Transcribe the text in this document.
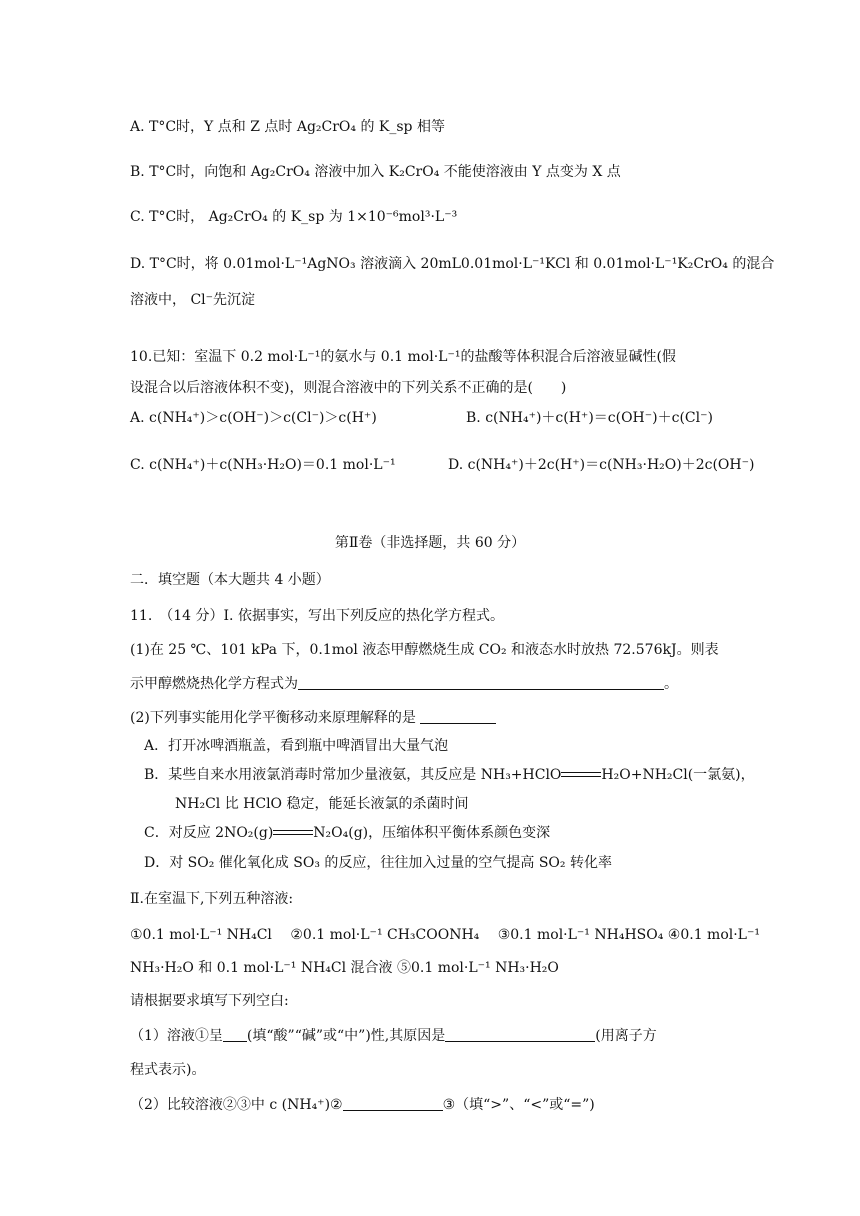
A. T°C时，Y 点和 Z 点时 Ag₂CrO₄ 的 K_sp 相等
B. T°C时，向饱和 Ag₂CrO₄ 溶液中加入 K₂CrO₄ 不能使溶液由 Y 点变为 X 点
C. T°C时， Ag₂CrO₄ 的 K_sp 为 1×10⁻⁶mol³·L⁻³
D. T°C时，将 0.01mol·L⁻¹AgNO₃ 溶液滴入 20mL0.01mol·L⁻¹KCl 和 0.01mol·L⁻¹K₂CrO₄ 的混合
溶液中， Cl⁻先沉淀
10.已知：室温下 0.2 mol·L⁻¹的氨水与 0.1 mol·L⁻¹的盐酸等体积混合后溶液显碱性(假
设混合以后溶液体积不变)，则混合溶液中的下列关系不正确的是(　　)
A. c(NH₄⁺)＞c(OH⁻)＞c(Cl⁻)＞c(H⁺)	B. c(NH₄⁺)＋c(H⁺)＝c(OH⁻)＋c(Cl⁻)
C. c(NH₄⁺)＋c(NH₃·H₂O)＝0.1 mol·L⁻¹	D. c(NH₄⁺)＋2c(H⁺)＝c(NH₃·H₂O)＋2c(OH⁻)
第Ⅱ卷（非选择题，共 60 分）
二．填空题（本大题共 4 小题）
11.　（14 分）Ⅰ. 依据事实，写出下列反应的热化学方程式。
(1)在 25 ℃、101 kPa 下，0.1mol 液态甲醇燃烧生成 CO₂ 和液态水时放热 72.576kJ。则表
示甲醇燃烧热化学方程式为	。
(2)下列事实能用化学平衡移动来原理解释的是
A．打开冰啤酒瓶盖，看到瓶中啤酒冒出大量气泡
B．某些自来水用液氯消毒时常加少量液氨，其反应是 NH₃+HClO	H₂O+NH₂Cl(一氯氨)，
NH₂Cl 比 HClO 稳定，能延长液氯的杀菌时间
C．对反应 2NO₂(g)	N₂O₄(g)，压缩体积平衡体系颜色变深
D．对 SO₂ 催化氧化成 SO₃ 的反应，往往加入过量的空气提高 SO₂ 转化率
Ⅱ.在室温下,下列五种溶液:
①0.1 mol·L⁻¹ NH₄Cl　 ②0.1 mol·L⁻¹ CH₃COONH₄　 ③0.1 mol·L⁻¹ NH₄HSO₄ ④0.1 mol·L⁻¹
NH₃·H₂O 和 0.1 mol·L⁻¹ NH₄Cl 混合液 ⑤0.1 mol·L⁻¹ NH₃·H₂O
请根据要求填写下列空白:
（1）溶液①呈 (填“酸”“碱”或“中”)性,其原因是	(用离子方
程式表示)。
（2）比较溶液②③中 c (NH₄⁺)②	③（填“>”、“<”或“=”)
